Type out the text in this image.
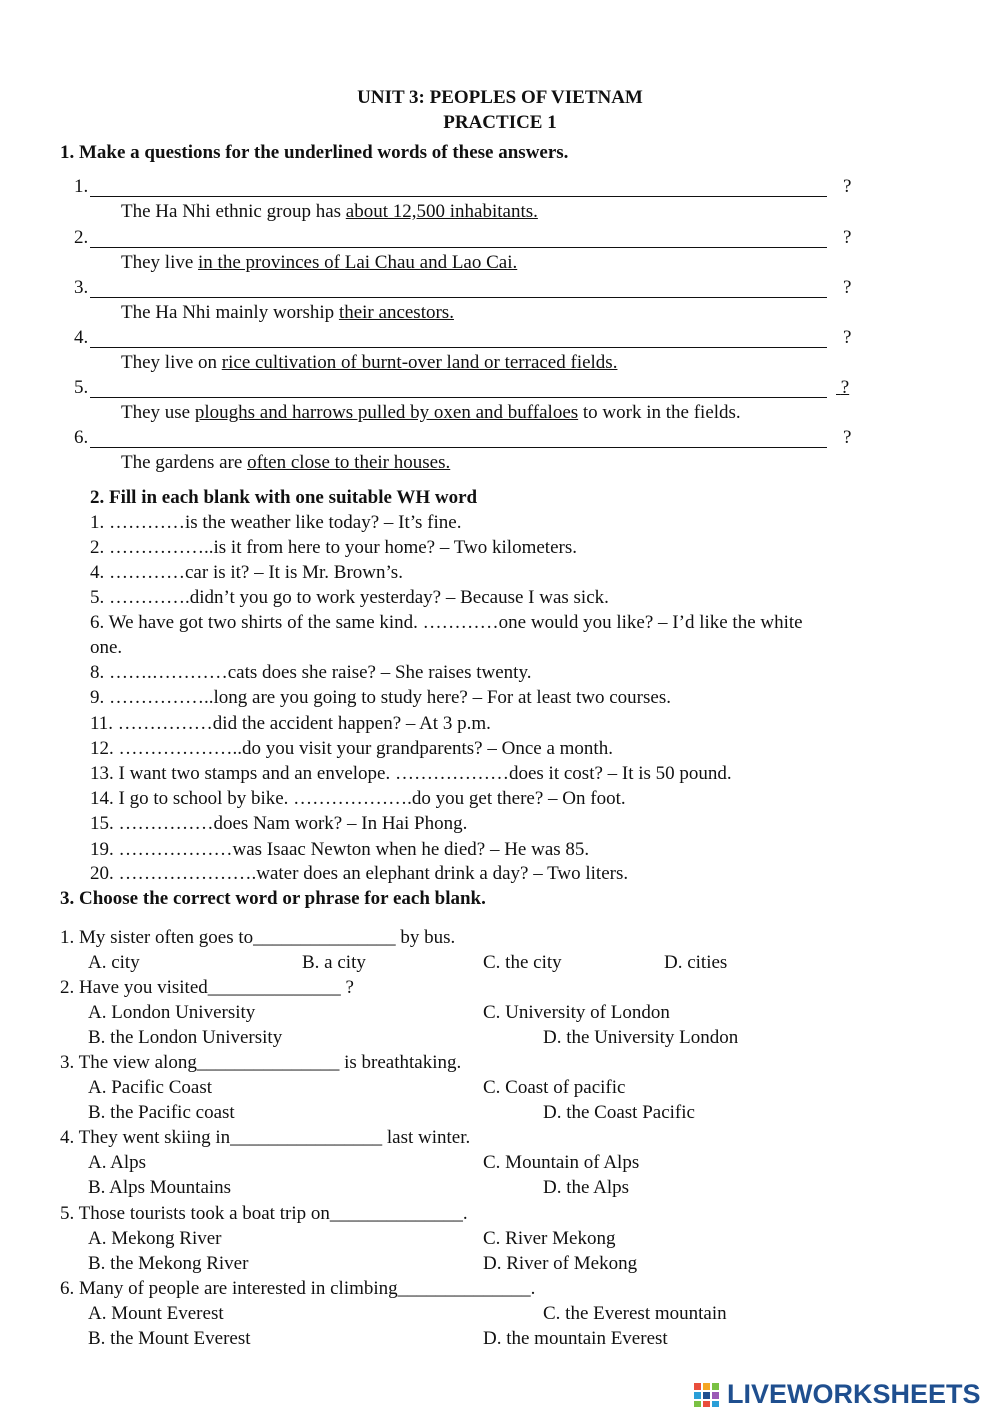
UNIT 3: PEOPLES OF VIETNAM
PRACTICE 1
1. Make a questions for the underlined words of these answers.
1.	?
The Ha Nhi ethnic group has about 12,500 inhabitants.
2.	?
They live in the provinces of Lai Chau and Lao Cai.
3.	?
The Ha Nhi mainly worship their ancestors.
4.	?
They live on rice cultivation of burnt-over land or terraced fields.
5.	?
They use ploughs and harrows pulled by oxen and buffaloes to work in the fields.
6.	?
The gardens are often close to their houses.
2. Fill in each blank with one suitable WH word
1. …………is the weather like today? – It’s fine.
2. ……………..is it from here to your home? – Two kilometers.
4. …………car is it? – It is Mr. Brown’s.
5. ………….didn’t you go to work yesterday? – Because I was sick.
6. We have got two shirts of the same kind. …………one would you like? – I’d like the white
one.
8. …….…………cats does she raise? – She raises twenty.
9. ……………..long are you going to study here? – For at least two courses.
11. ……………did the accident happen? – At 3 p.m.
12. ………………..do you visit your grandparents? – Once a month.
13. I want two stamps and an envelope. ………………does it cost? – It is 50 pound.
14. I go to school by bike. ……………….do you get there? – On foot.
15. ……………does Nam work? – In Hai Phong.
19. ………………was Isaac Newton when he died? – He was 85.
20. ………………….water does an elephant drink a day? – Two liters.
3. Choose the correct word or phrase for each blank.
1. My sister often goes to_______________ by bus.
A. city	B. a city	C. the city	D. cities
2. Have you visited______________ ?
A. London University	C. University of London
B. the London University	D. the University London
3. The view along_______________ is breathtaking.
A. Pacific Coast	C. Coast of pacific
B. the Pacific coast	D. the Coast Pacific
4. They went skiing in________________ last winter.
A. Alps	C. Mountain of Alps
B. Alps Mountains	D. the Alps
5. Those tourists took a boat trip on______________.
A. Mekong River	C. River Mekong
B. the Mekong River	D. River of Mekong
6. Many of people are interested in climbing______________.
A. Mount Everest	C. the Everest mountain
B. the Mount Everest	D. the mountain Everest
LIVEWORKSHEETS
